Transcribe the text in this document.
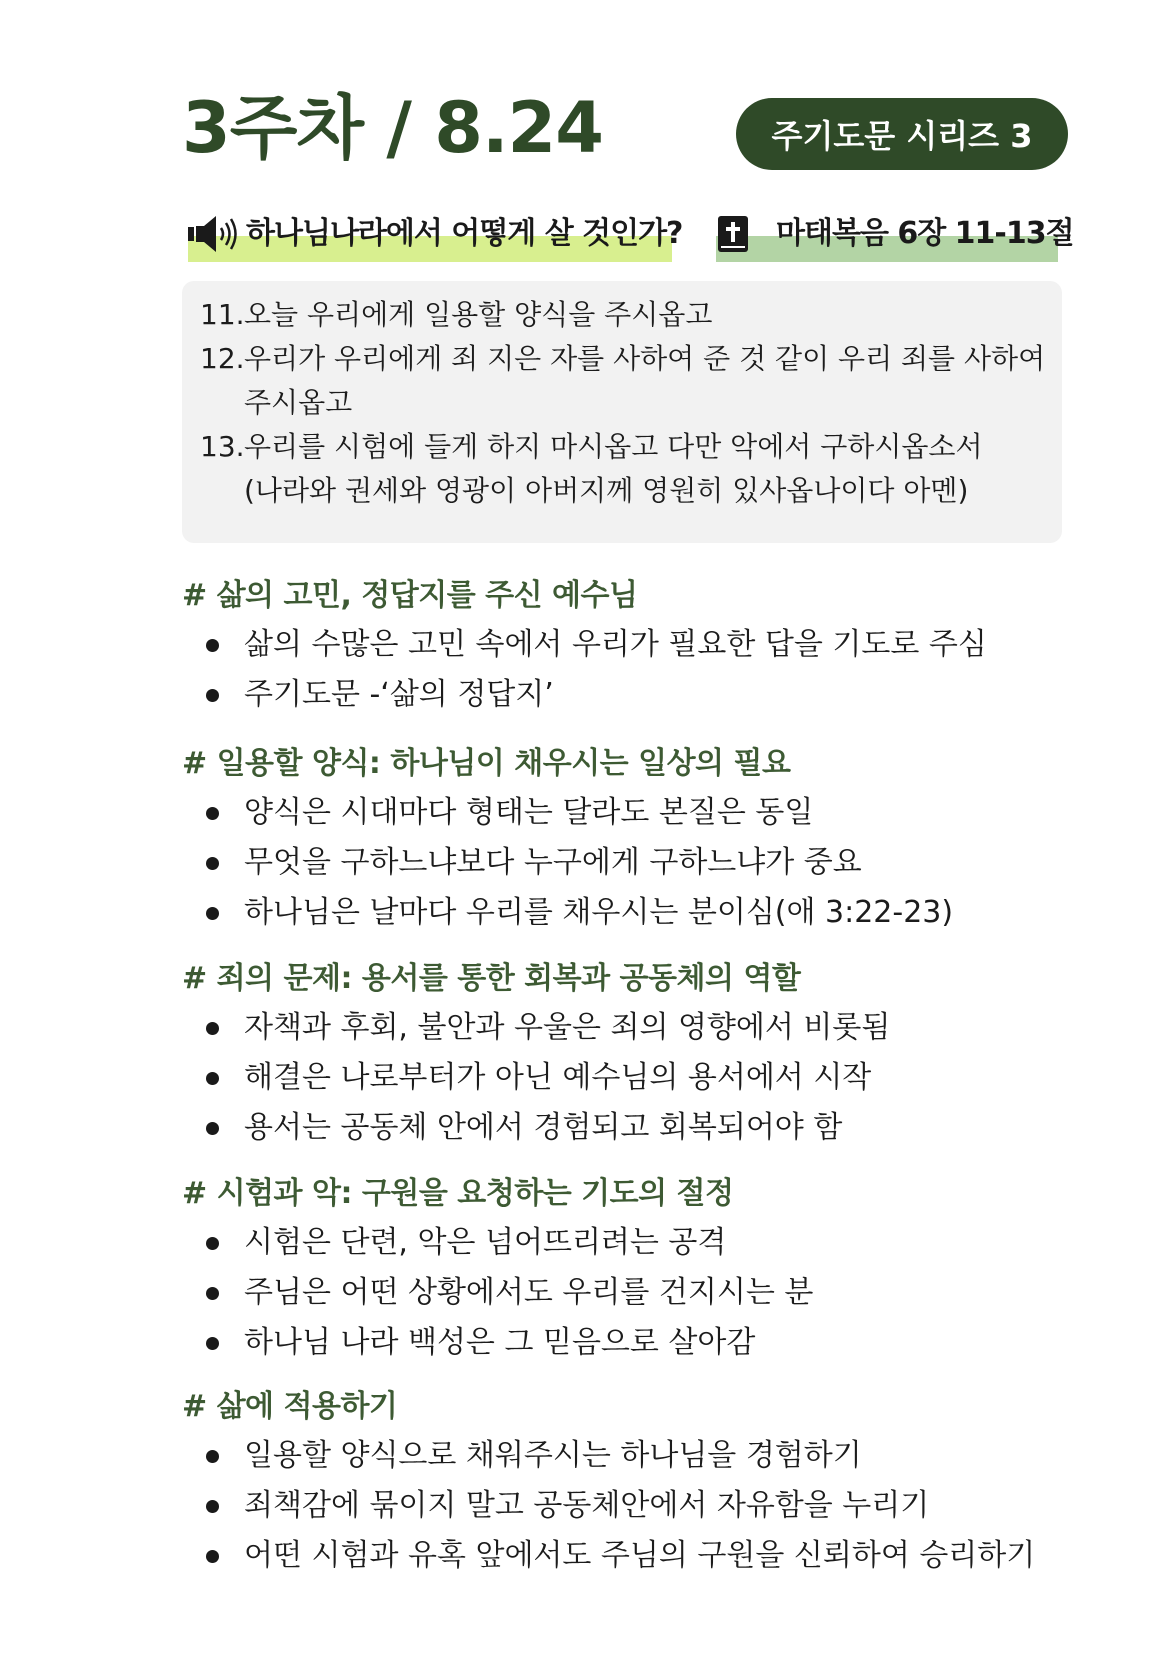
3주차 / 8.24	주기도문 시리즈 3
하나님나라에서 어떻게 살 것인가?	마태복음 6장 11-13절
11. 오늘 우리에게 일용할 양식을 주시옵고
12. 우리가 우리에게 죄 지은 자를 사하여 준 것 같이 우리 죄를 사하여
주시옵고
13. 우리를 시험에 들게 하지 마시옵고 다만 악에서 구하시옵소서
(나라와 권세와 영광이 아버지께 영원히 있사옵나이다 아멘)
# 삶의 고민, 정답지를 주신 예수님
삶의 수많은 고민 속에서 우리가 필요한 답을 기도로 주심
주기도문 -‘삶의 정답지’
# 일용할 양식: 하나님이 채우시는 일상의 필요
양식은 시대마다 형태는 달라도 본질은 동일
무엇을 구하느냐보다 누구에게 구하느냐가 중요
하나님은 날마다 우리를 채우시는 분이심(애 3:22-23)
# 죄의 문제: 용서를 통한 회복과 공동체의 역할
자책과 후회, 불안과 우울은 죄의 영향에서 비롯됨
해결은 나로부터가 아닌 예수님의 용서에서 시작
용서는 공동체 안에서 경험되고 회복되어야 함
# 시험과 악: 구원을 요청하는 기도의 절정
시험은 단련, 악은 넘어뜨리려는 공격
주님은 어떤 상황에서도 우리를 건지시는 분
하나님 나라 백성은 그 믿음으로 살아감
# 삶에 적용하기
일용할 양식으로 채워주시는 하나님을 경험하기
죄책감에 묶이지 말고 공동체안에서 자유함을 누리기
어떤 시험과 유혹 앞에서도 주님의 구원을 신뢰하여 승리하기
